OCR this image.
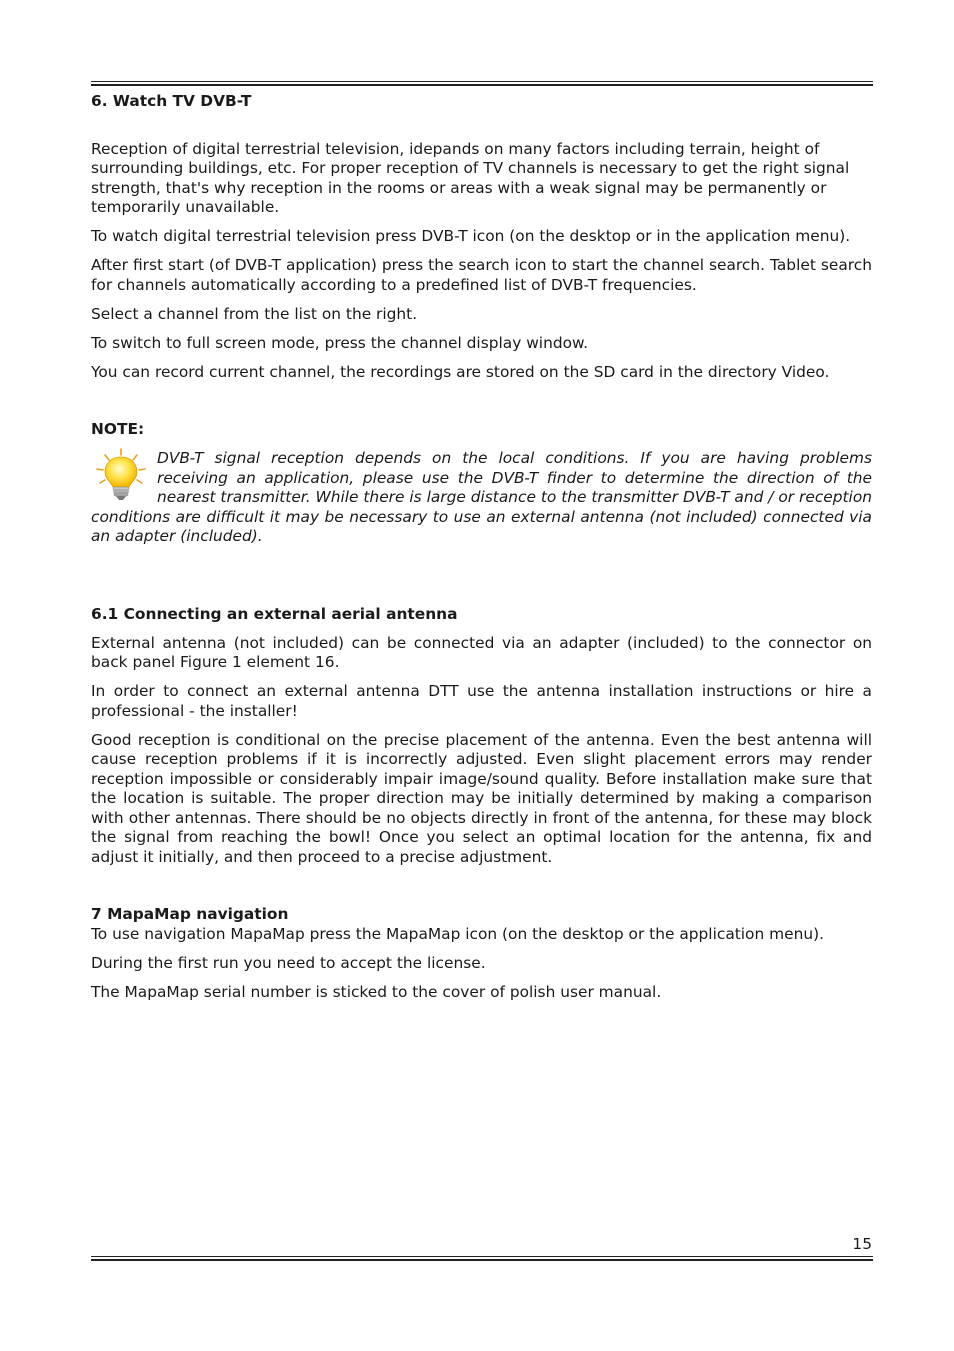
6. Watch TV DVB-T

Reception of digital terrestrial television, idepands on many factors including terrain, height of surrounding buildings, etc. For proper reception of TV channels is necessary to get the right signal strength, that's why reception in the rooms or areas with a weak signal may be permanently or temporarily unavailable.

To watch digital terrestrial television press DVB-T icon (on the desktop or in the application menu).

After first start (of DVB-T application) press the search icon to start the channel search. Tablet search for channels automatically according to a predefined list of DVB-T frequencies.

Select a channel from the list on the right.

To switch to full screen mode, press the channel display window.

You can record current channel, the recordings are stored on the SD card in the directory Video.

NOTE:

DVB-T signal reception depends on the local conditions. If you are having problems receiving an application, please use the DVB-T finder to determine the direction of the nearest transmitter. While there is large distance to the transmitter DVB-T and / or reception conditions are difficult it may be necessary to use an external antenna (not included) connected via an adapter (included).

6.1 Connecting an external aerial antenna

External antenna (not included) can be connected via an adapter (included) to the connector on back panel Figure 1 element 16.

In order to connect an external antenna DTT use the antenna installation instructions or hire a professional - the installer!

Good reception is conditional on the precise placement of the antenna. Even the best antenna will cause reception problems if it is incorrectly adjusted. Even slight placement errors may render reception impossible or considerably impair image/sound quality. Before installation make sure that the location is suitable. The proper direction may be initially determined by making a comparison with other antennas. There should be no objects directly in front of the antenna, for these may block the signal from reaching the bowl! Once you select an optimal location for the antenna, fix and adjust it initially, and then proceed to a precise adjustment.

7 MapaMap navigation

To use navigation MapaMap press the MapaMap icon (on the desktop or the application menu).

During the first run you need to accept the license.

The MapaMap serial number is sticked to the cover of polish user manual.

15
